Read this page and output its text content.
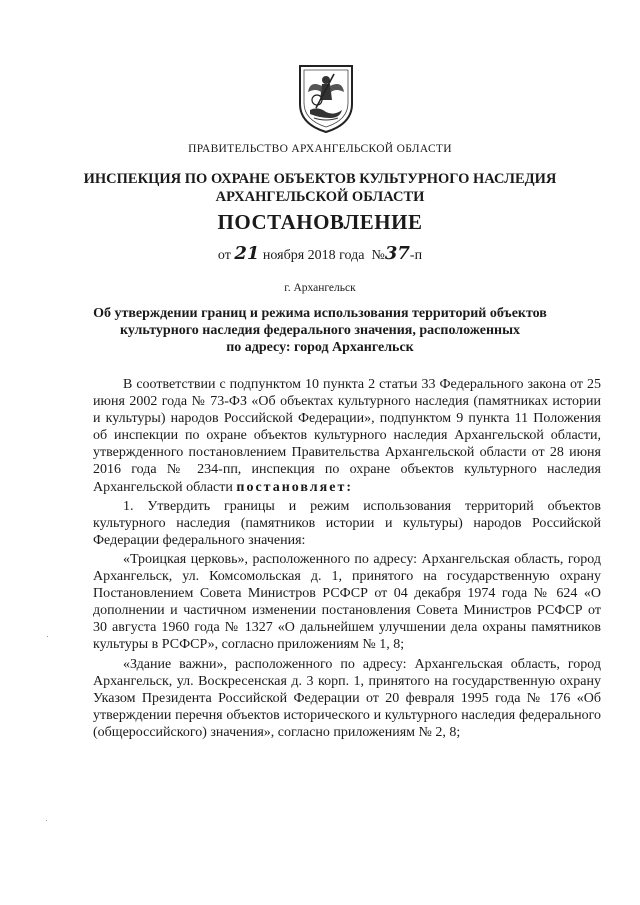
ПРАВИТЕЛЬСТВО АРХАНГЕЛЬСКОЙ ОБЛАСТИ
ИНСПЕКЦИЯ ПО ОХРАНЕ ОБЪЕКТОВ КУЛЬТУРНОГО НАСЛЕДИЯ
АРХАНГЕЛЬСКОЙ ОБЛАСТИ
ПОСТАНОВЛЕНИЕ
от 21 ноября 2018 года №37-п
г. Архангельск
Об утверждении границ и режима использования территорий объектов
культурного наследия федерального значения, расположенных
по адресу: город Архангельск

В соответствии с подпунктом 10 пункта 2 статьи 33 Федерального закона от 25 июня 2002 года № 73-ФЗ «Об объектах культурного наследия (памятниках истории и культуры) народов Российской Федерации», подпунктом 9 пункта 11 Положения об инспекции по охране объектов культурного наследия Архангельской области, утвержденного постановлением Правительства Архангельской области от 28 июня 2016 года № 234-пп, инспекция по охране объектов культурного наследия Архангельской области постановляет:

1. Утвердить границы и режим использования территорий объектов культурного наследия (памятников истории и культуры) народов Российской Федерации федерального значения:

«Троицкая церковь», расположенного по адресу: Архангельская область, город Архангельск, ул. Комсомольская д. 1, принятого на государственную охрану Постановлением Совета Министров РСФСР от 04 декабря 1974 года № 624 «О дополнении и частичном изменении постановления Совета Министров РСФСР от 30 августа 1960 года № 1327 «О дальнейшем улучшении дела охраны памятников культуры в РСФСР», согласно приложениям № 1, 8;

«Здание важни», расположенного по адресу: Архангельская область, город Архангельск, ул. Воскресенская д. 3 корп. 1, принятого на государственную охрану Указом Президента Российской Федерации от 20 февраля 1995 года № 176 «Об утверждении перечня объектов исторического и культурного наследия федерального (общероссийского) значения», согласно приложениям № 2, 8;
